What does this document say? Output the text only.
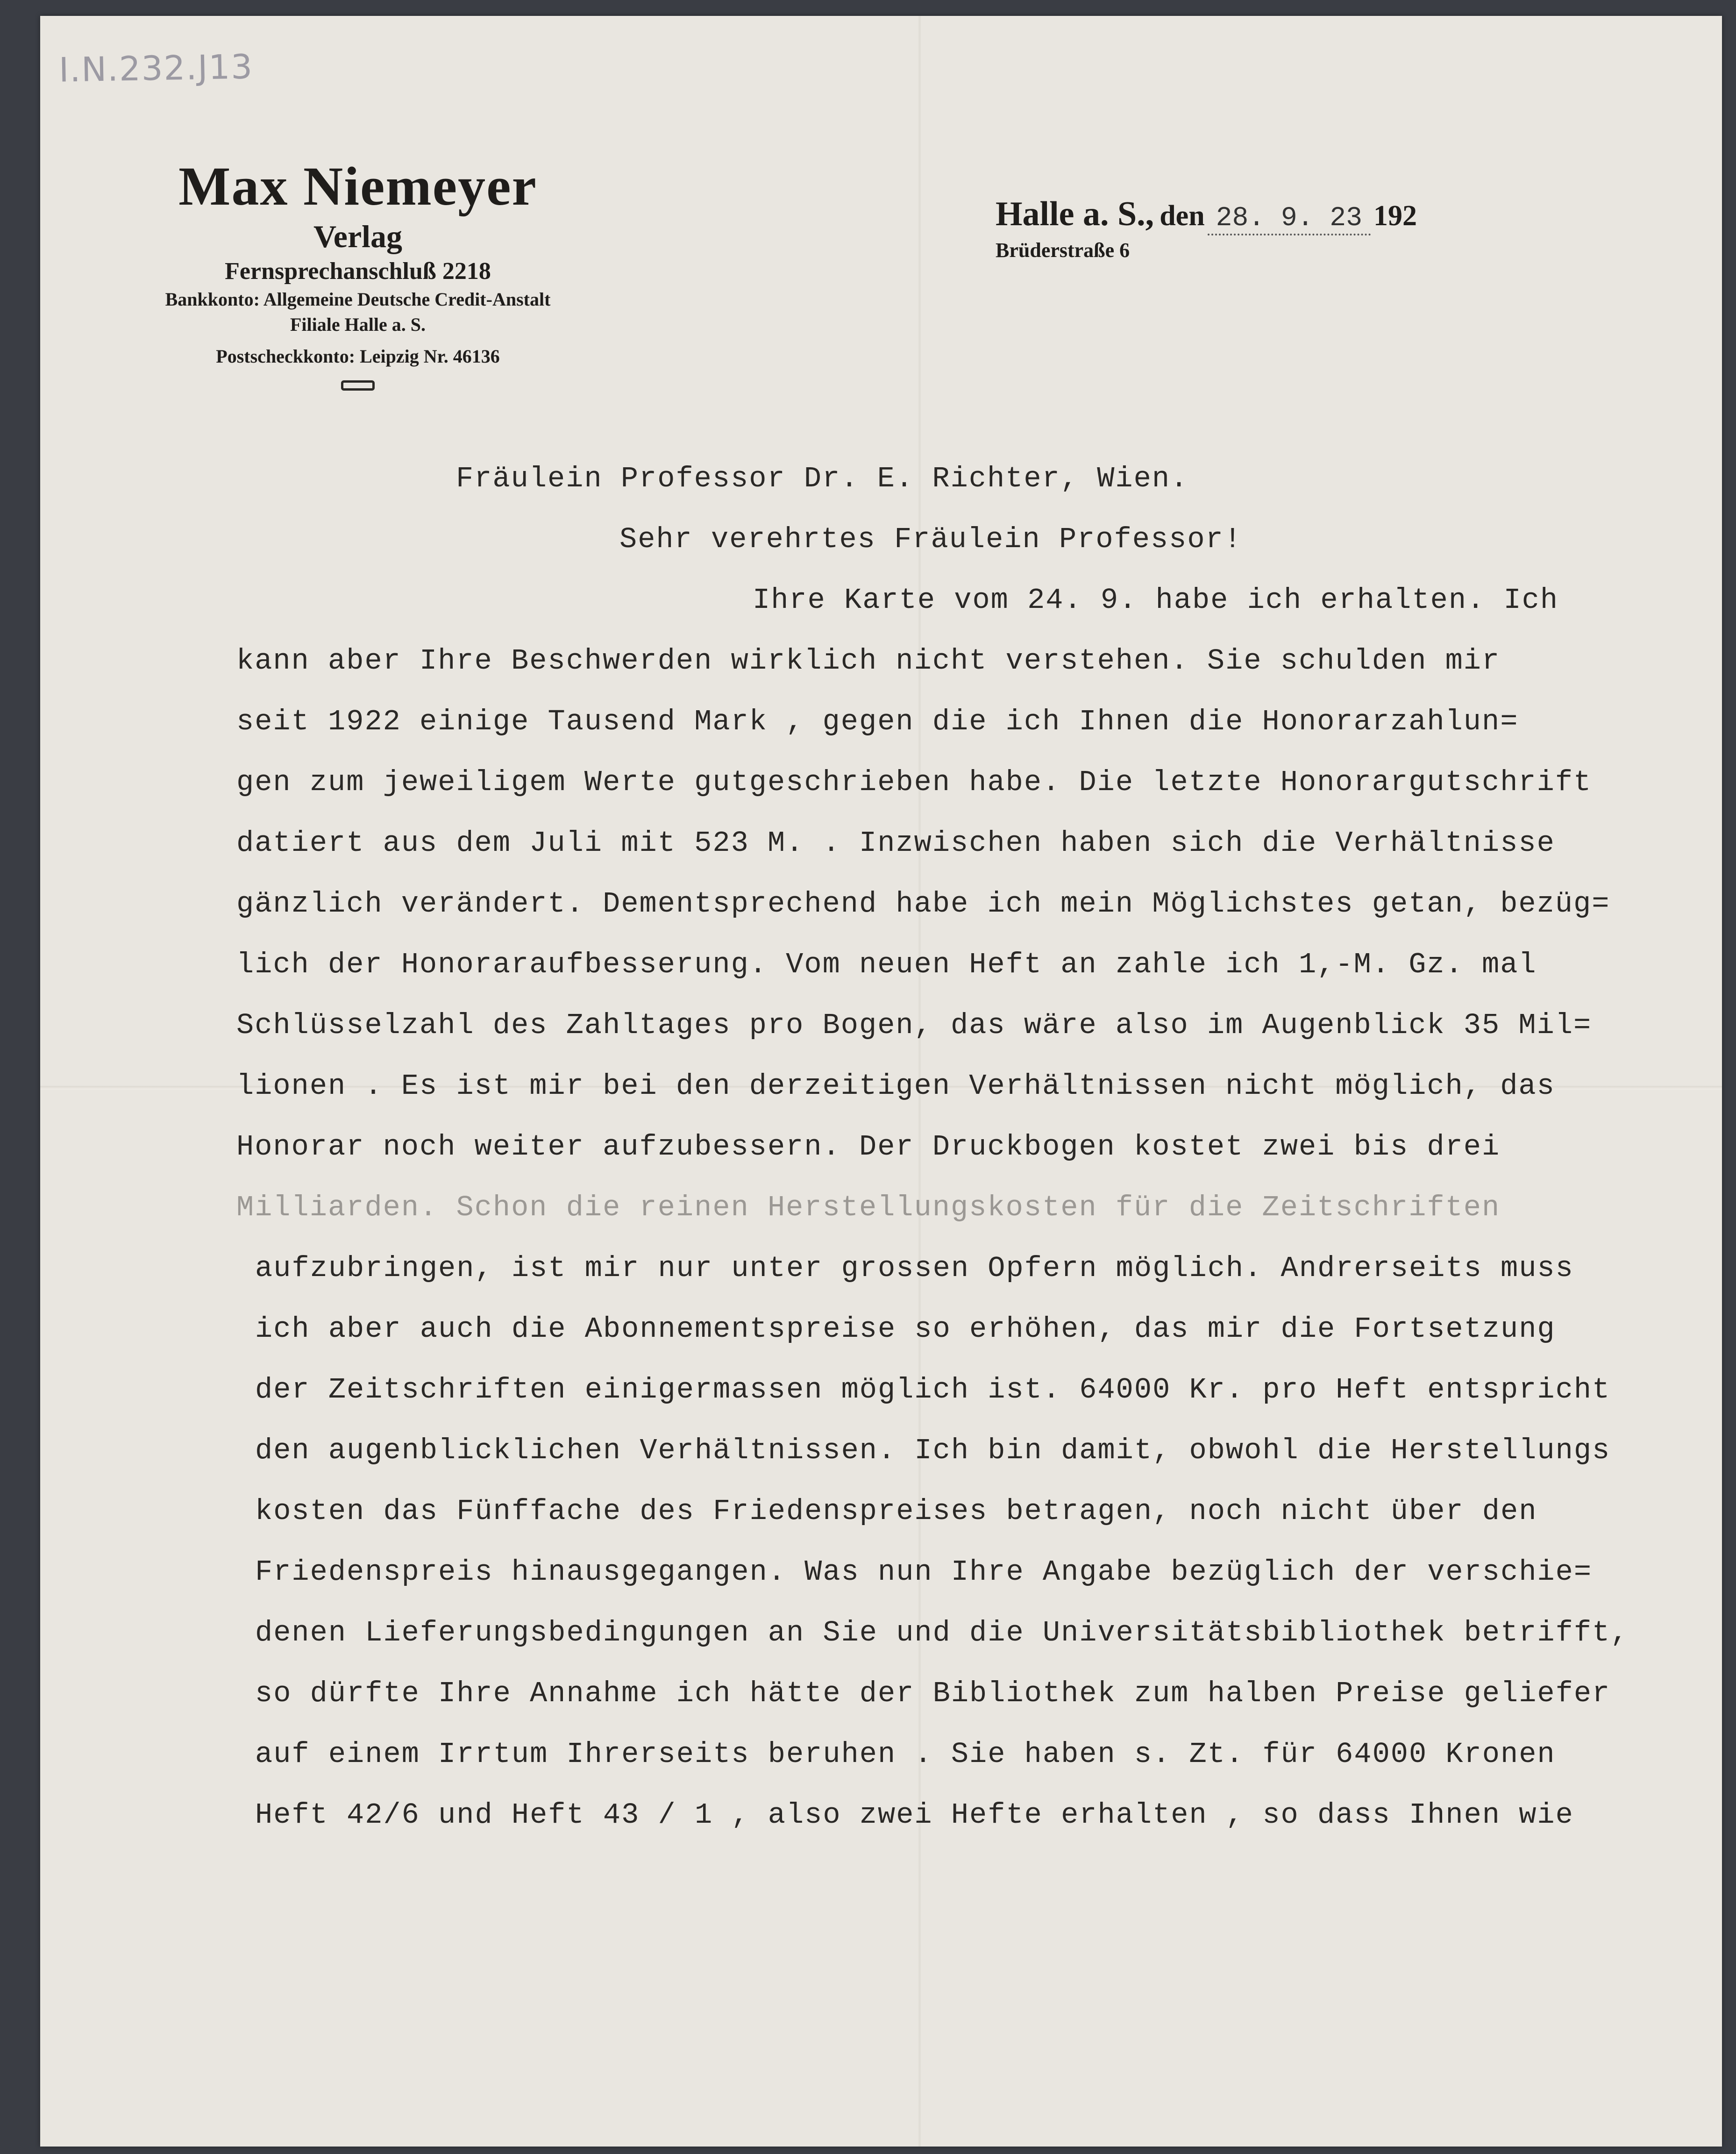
I.N.232.J13
Max Niemeyer
Verlag
Fernsprechanschluß 2218
Bankkonto: Allgemeine Deutsche Credit-Anstalt
Filiale Halle a. S.
Postscheckkonto: Leipzig Nr. 46136
Halle a. S., den 28. 9. 23 192
Brüderstraße 6
Fräulein Professor Dr. E. Richter, Wien.
Sehr verehrtes Fräulein Professor!
Ihre Karte vom 24. 9. habe ich erhalten. Ich
kann aber Ihre Beschwerden wirklich nicht verstehen. Sie schulden mir
seit 1922 einige Tausend Mark , gegen die ich Ihnen die Honorarzahlun=
gen zum jeweiligem Werte gutgeschrieben habe. Die letzte Honorargutschrift
datiert aus dem Juli mit 523 M. . Inzwischen haben sich die Verhältnisse
gänzlich verändert. Dementsprechend habe ich mein Möglichstes getan, bezüg=
lich der Honoraraufbesserung. Vom neuen Heft an zahle ich 1,-M. Gz. mal
Schlüsselzahl des Zahltages pro Bogen, das wäre also im Augenblick 35 Mil=
lionen . Es ist mir bei den derzeitigen Verhältnissen nicht möglich, das
Honorar noch weiter aufzubessern. Der Druckbogen kostet zwei bis drei
Milliarden. Schon die reinen Herstellungskosten für die Zeitschriften
aufzubringen, ist mir nur unter grossen Opfern möglich. Andrerseits muss
ich aber auch die Abonnementspreise so erhöhen, das mir die Fortsetzung
der Zeitschriften einigermassen möglich ist. 64000 Kr. pro Heft entspricht
den augenblicklichen Verhältnissen. Ich bin damit, obwohl die Herstellungs
kosten das Fünffache des Friedenspreises betragen, noch nicht über den
Friedenspreis hinausgegangen. Was nun Ihre Angabe bezüglich der verschie=
denen Lieferungsbedingungen an Sie und die Universitätsbibliothek betrifft,
so dürfte Ihre Annahme ich hätte der Bibliothek zum halben Preise geliefer
auf einem Irrtum Ihrerseits beruhen . Sie haben s. Zt. für 64000 Kronen
Heft 42/6 und Heft 43 / 1 , also zwei Hefte erhalten , so dass Ihnen wie
